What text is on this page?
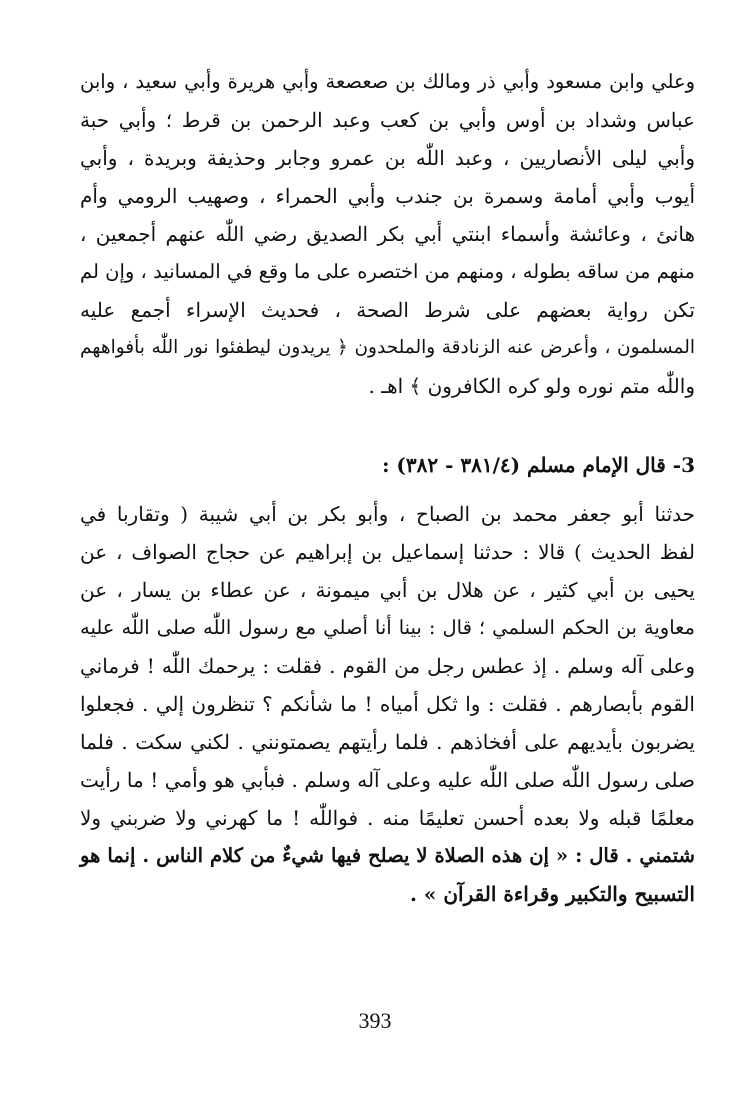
وعلي وابن مسعود وأبي ذر ومالك بن صعصعة وأبي هريرة وأبي سعيد ، وابن
عباس وشداد بن أوس وأبي بن كعب وعبد الرحمن بن قرط ؛ وأبي حبة
وأبي ليلى الأنصاريين ، وعبد اللّٰه بن عمرو وجابر وحذيفة وبريدة ، وأبي
أيوب وأبي أمامة وسمرة بن جندب وأبي الحمراء ، وصهيب الرومي وأم
هانئ ، وعائشة وأسماء ابنتي أبي بكر الصديق رضي اللّٰه عنهم أجمعين ،
منهم من ساقه بطوله ، ومنهم من اختصره على ما وقع في المسانيد ، وإن لم
تكن رواية بعضهم على شرط الصحة ، فحديث الإسراء أجمع عليه
المسلمون ، وأعرض عنه الزنادقة والملحدون ﴿ يريدون ليطفئوا نور اللّٰه بأفواههم
واللّٰه متم نوره ولو كره الكافرون ﴾ اهـ .
3- قال الإمام مسلم (٣٨١/٤ - ٣٨٢) :
حدثنا أبو جعفر محمد بن الصباح ، وأبو بكر بن أبي شيبة ( وتقاربا في
لفظ الحديث ) قالا : حدثنا إسماعيل بن إبراهيم عن حجاج الصواف ، عن
يحيى بن أبي كثير ، عن هلال بن أبي ميمونة ، عن عطاء بن يسار ، عن
معاوية بن الحكم السلمي ؛ قال : بينا أنا أصلي مع رسول اللّٰه صلى اللّٰه عليه
وعلى آله وسلم . إذ عطس رجل من القوم . فقلت : يرحمك اللّٰه ! فرماني
القوم بأبصارهم . فقلت : وا ثكل أمياه ! ما شأنكم ؟ تنظرون إلي . فجعلوا
يضربون بأيديهم على أفخاذهم . فلما رأيتهم يصمتونني . لكني سكت . فلما
صلى رسول اللّٰه صلى اللّٰه عليه وعلى آله وسلم . فبأبي هو وأمي ! ما رأيت
معلمًا قبله ولا بعده أحسن تعليمًا منه . فواللّٰه ! ما كهرني ولا ضربني ولا
شتمني . قال : « إن هذه الصلاة لا يصلح فيها شيءٌ من كلام الناس . إنما هو
التسبيح والتكبير وقراءة القرآن » .
393
